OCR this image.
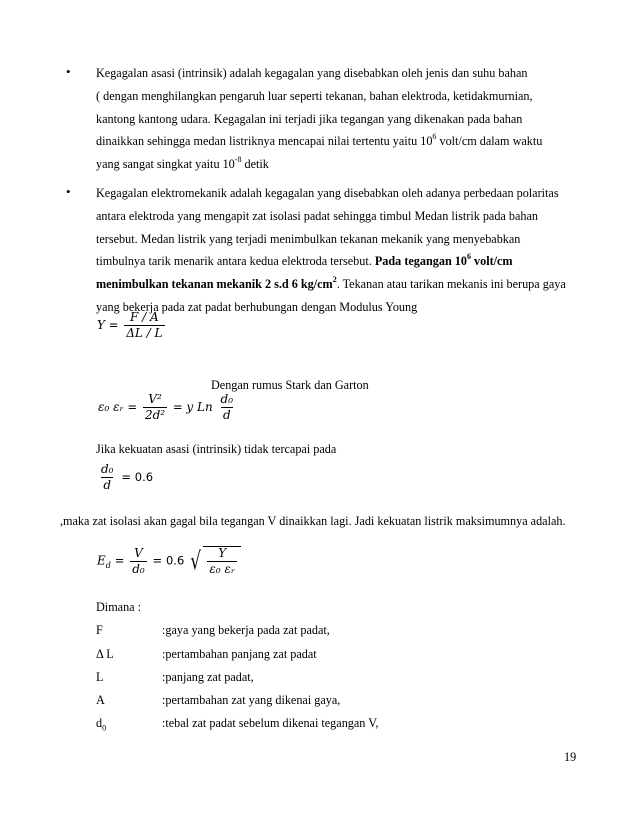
•	Kegagalan asasi (intrinsik) adalah kegagalan yang disebabkan oleh jenis dan suhu bahan
( dengan menghilangkan pengaruh luar seperti tekanan, bahan elektroda, ketidakmurnian,
kantong kantong udara. Kegagalan ini terjadi jika tegangan yang dikenakan pada bahan
dinaikkan sehingga medan listriknya mencapai nilai tertentu yaitu $10^6$ volt/cm dalam waktu
yang sangat singkat yaitu $10^{-8}$ detik
•	Kegagalan elektromekanik adalah kegagalan yang disebabkan oleh adanya perbedaan polaritas
antara elektroda yang mengapit zat isolasi padat sehingga timbul Medan listrik pada bahan
tersebut. Medan listrik yang terjadi menimbulkan tekanan mekanik yang menyebabkan
timbulnya tarik menarik antara kedua elektroda tersebut. Pada tegangan $10^6$ volt/cm
menimbulkan tekanan mekanik 2 s.d 6 $kg/cm^2$. Tekanan atau tarikan mekanis ini berupa gaya
yang bekerja pada zat padat berhubungan dengan Modulus Young
$Y = \frac{F / A}{\Delta L / L}$

Dengan rumus Stark dan Garton

ε₀ εᵣ = $\frac{\text{V²}}{\text{2d²}} = y$ Ln $\frac{\text{d₀}}{d}$

Jika kekuatan asasi (intrinsik) tidak tercapai pada

$\frac{\text{d₀}}{d} = 0.6$

,maka zat isolasi akan gagal bila tegangan V dinaikkan lagi. Jadi kekuatan listrik maksimumnya adalah.

$E_d = \frac{V}{\text{d₀}} = 0.6$ √ $\frac{Y}{\text{ε₀ εᵣ}}$

Dimana :

F	:gaya yang bekerja pada zat padat,
Δ L	:pertambahan panjang zat padat
L	:panjang zat padat,
A	:pertambahan zat yang dikenai gaya,
$d_0$	:tebal zat padat sebelum dikenai tegangan V,

19
